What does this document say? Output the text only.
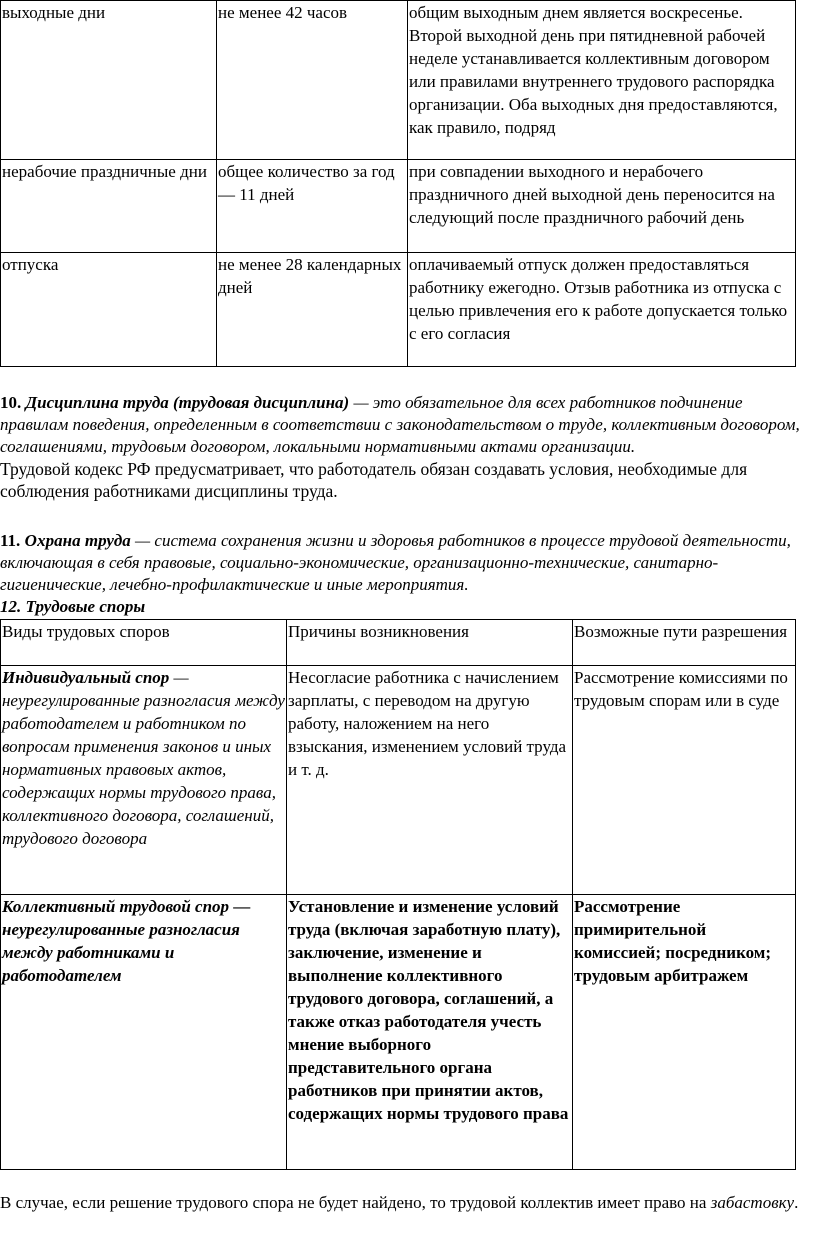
выходные дни	не менее 42 часов	общим выходным днем является воскресенье. Второй выходной день при пятидневной рабочей неделе устанавливается коллективным договором или правилами внутреннего трудового распорядка организации. Оба выходных дня предоставляются, как правило, подряд
нерабочие праздничные дни	общее количество за год — 11 дней	при совпадении выходного и нерабочего праздничного дней выходной день переносится на следующий после праздничного рабочий день
отпуска	не менее 28 календарных дней	оплачиваемый отпуск должен предоставляться работнику ежегодно. Отзыв работника из отпуска с целью привлечения его к работе допускается только с его согласия

10. Дисциплина труда (трудовая дисциплина) — это обязательное для всех работников подчинение правилам поведения, определенным в соответствии с законодательством о труде, коллективным договором, соглашениями, трудовым договором, локальными нормативными актами организации.

Трудовой кодекс РФ предусматривает, что работодатель обязан создавать условия, необходимые для соблюдения работниками дисциплины труда.

11. Охрана труда — система сохранения жизни и здоровья работников в процессе трудовой деятельности, включающая в себя правовые, социально-экономические, организационно-технические, санитарно-гигиенические, лечебно-профилактические и иные мероприятия.

12. Трудовые споры

Виды трудовых споров	Причины возникновения	Возможные пути разрешения
Индивидуальный спор — неурегулированные разногласия между работодателем и работником по вопросам применения законов и иных нормативных правовых актов, содержащих нормы трудового права, коллективного договора, соглашений, трудового договора	Несогласие работника с начислением зарплаты, с переводом на другую работу, наложением на него взыскания, изменением условий труда и т. д.	Рассмотрение комиссиями по трудовым спорам или в суде
Коллективный трудовой спор — неурегулированные разногласия между работниками и работодателем	Установление и изменение условий труда (включая заработную плату), заключение, изменение и выполнение коллективного трудового договора, соглашений, а также отказ работодателя учесть мнение выборного представительного органа работников при принятии актов, содержащих нормы трудового права	Рассмотрение примирительной комиссией; посредником; трудовым арбитражем

В случае, если решение трудового спора не будет найдено, то трудовой коллектив имеет право на забастовку.
